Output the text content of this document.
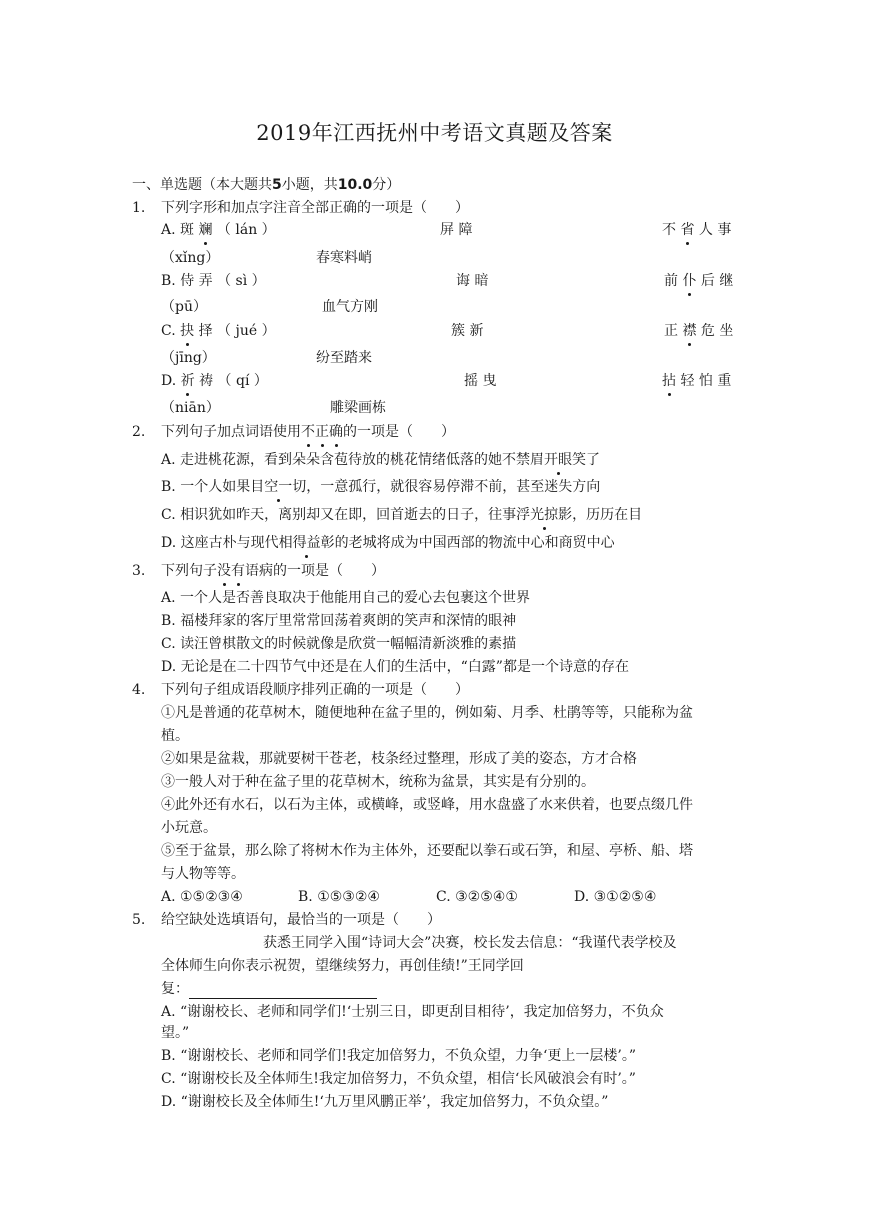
2019年江西抚州中考语文真题及答案
一、单选题（本大题共5小题，共10.0分）
1. 下列字形和加点字注音全部正确的一项是（　　）
A. 斑 斓 （ lán ）	屏 障	不 省 人 事
（xǐng）	春寒料峭
B. 侍 弄 （ sì ）	诲 暗	前 仆 后 继
（pū）	血气方刚
C. 抉 择 （ jué ）	簇 新	正 襟 危 坐
（jīng）	纷至踏来
D. 祈 祷 （ qí ）	摇 曳	拈 轻 怕 重
（niān）	雕梁画栋
2. 下列句子加点词语使用不正确的一项是（　　）
A. 走进桃花源，看到朵朵含苞待放的桃花情绪低落的她不禁眉开眼笑了
B. 一个人如果目空一切，一意孤行，就很容易停滞不前，甚至迷失方向
C. 相识犹如昨天，离别却又在即，回首逝去的日子，往事浮光掠影，历历在目
D. 这座古朴与现代相得益彰的老城将成为中国西部的物流中心和商贸中心
3. 下列句子没有语病的一项是（　　）
A. 一个人是否善良取决于他能用自己的爱心去包裹这个世界
B. 福楼拜家的客厅里常常回荡着爽朗的笑声和深情的眼神
C. 读汪曾棋散文的时候就像是欣赏一幅幅清新淡雅的素描
D. 无论是在二十四节气中还是在人们的生活中，“白露”都是一个诗意的存在
4. 下列句子组成语段顺序排列正确的一项是（　　）
①凡是普通的花草树木，随便地种在盆子里的，例如菊、月季、杜鹃等等，只能称为盆
植。
②如果是盆栽，那就要树干苍老，枝条经过整理，形成了美的姿态，方才合格
③一般人对于种在盆子里的花草树木，统称为盆景，其实是有分别的。
④此外还有水石，以石为主体，或横峰，或竖峰，用水盘盛了水来供着，也要点缀几件
小玩意。
⑤至于盆景，那么除了将树木作为主体外，还要配以拳石或石笋，和屋、亭桥、船、塔
与人物等等。
A. ①⑤②③④	B. ①⑤③②④	C. ③②⑤④①	D. ③①②⑤④
5. 给空缺处选填语句，最恰当的一项是（　　）
获悉王同学入围“诗词大会”决赛，校长发去信息：“我谨代表学校及
全体师生向你表示祝贺，望继续努力，再创佳绩!”王同学回
复：
A. “谢谢校长、老师和同学们!‘士别三日，即更刮目相待’，我定加倍努力，不负众
望。”
B. “谢谢校长、老师和同学们!我定加倍努力，不负众望，力争‘更上一层楼’。”
C. “谢谢校长及全体师生!我定加倍努力，不负众望，相信‘长风破浪会有时’。”
D. “谢谢校长及全体师生!‘九万里风鹏正举’，我定加倍努力，不负众望。”
